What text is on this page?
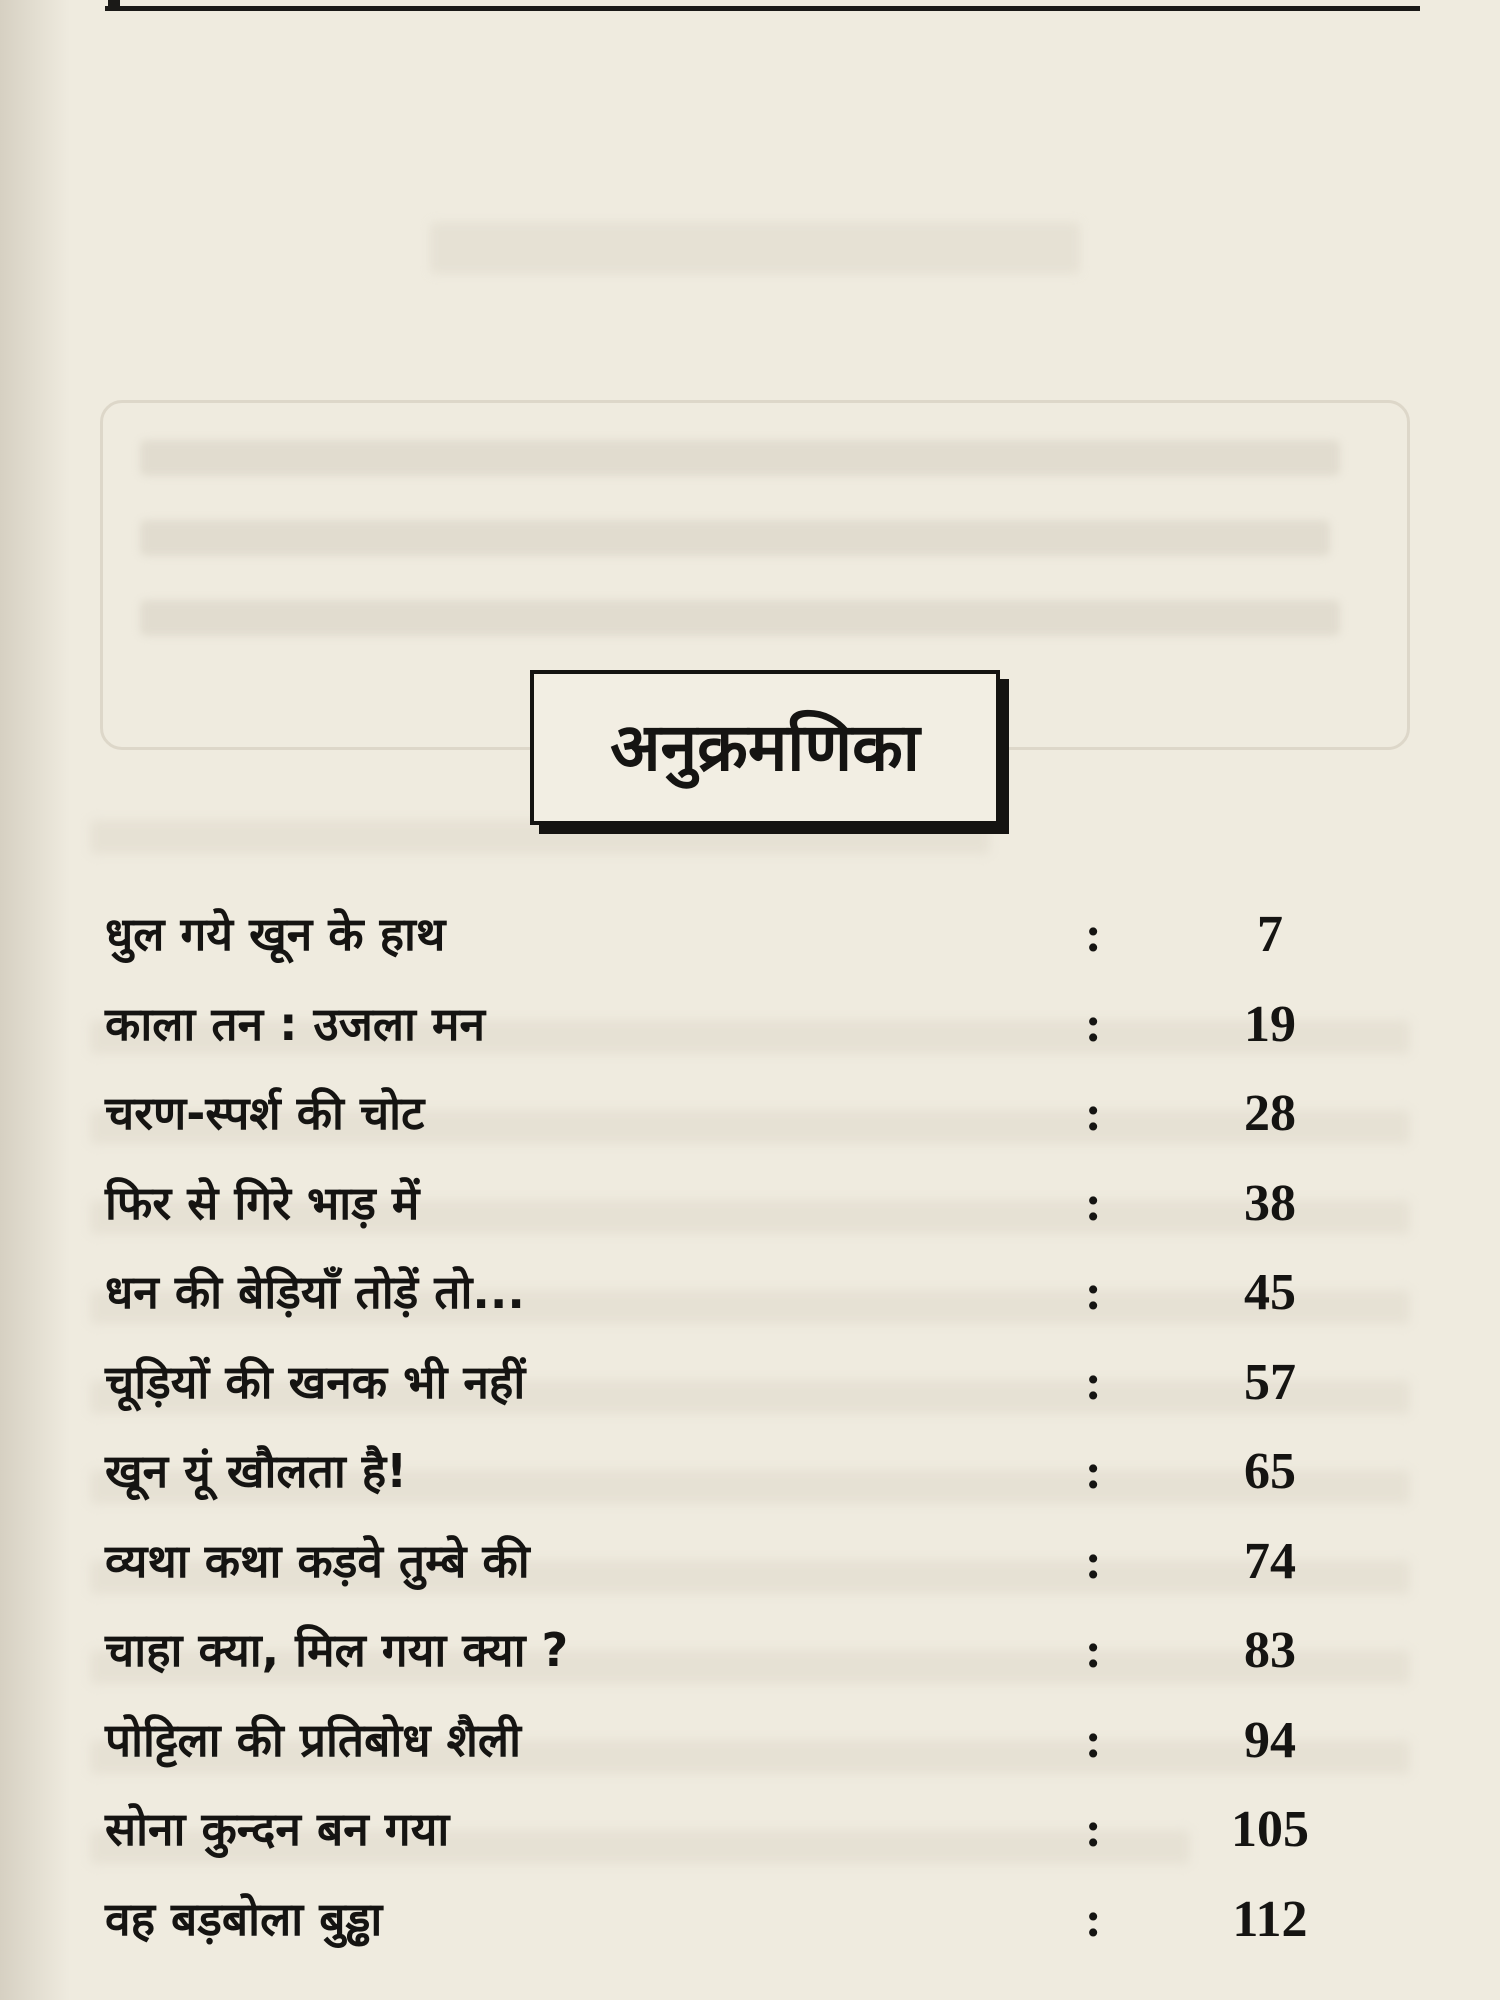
अनुक्रमणिका
धुल गये खून के हाथ	:	7
काला तन : उजला मन	:	19
चरण-स्पर्श की चोट	:	28
फिर से गिरे भाड़ में	:	38
धन की बेड़ियाँ तोड़ें तो...	:	45
चूड़ियों की खनक भी नहीं	:	57
खून यूं खौलता है!	:	65
व्यथा कथा कड़वे तुम्बे की	:	74
चाहा क्या, मिल गया क्या ?	:	83
पोट्टिला की प्रतिबोध शैली	:	94
सोना कुन्दन बन गया	:	105
वह बड़बोला बुड्ढा	:	112
